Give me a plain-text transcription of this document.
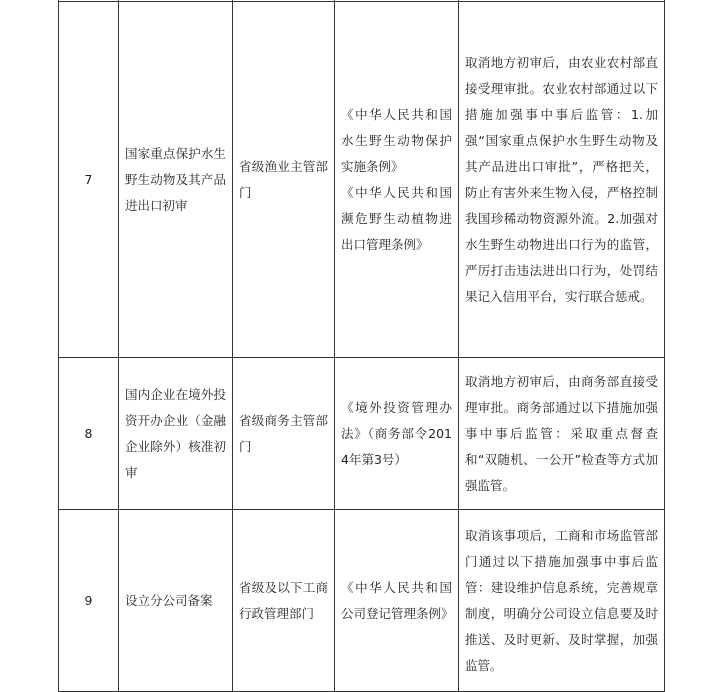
7	国家重点保护水生野生动物及其产品进出口初审	省级渔业主管部门	《中华人民共和国水生野生动物保护实施条例》
《中华人民共和国濒危野生动植物进出口管理条例》	取消地方初审后，由农业农村部直接受理审批。农业农村部通过以下措施加强事中事后监管：1.加强“国家重点保护水生野生动物及其产品进出口审批”，严格把关，防止有害外来生物入侵，严格控制我国珍稀动物资源外流。2.加强对水生野生动物进出口行为的监管，严厉打击违法进出口行为，处罚结果记入信用平台，实行联合惩戒。
8	国内企业在境外投资开办企业（金融企业除外）核准初审	省级商务主管部门	《境外投资管理办法》（商务部令2014年第3号）	取消地方初审后，由商务部直接受理审批。商务部通过以下措施加强事中事后监管：采取重点督查和“双随机、一公开”检查等方式加强监管。
9	设立分公司备案	省级及以下工商行政管理部门	《中华人民共和国公司登记管理条例》	取消该事项后，工商和市场监管部门通过以下措施加强事中事后监管：建设维护信息系统，完善规章制度，明确分公司设立信息要及时推送、及时更新、及时掌握，加强监管。
